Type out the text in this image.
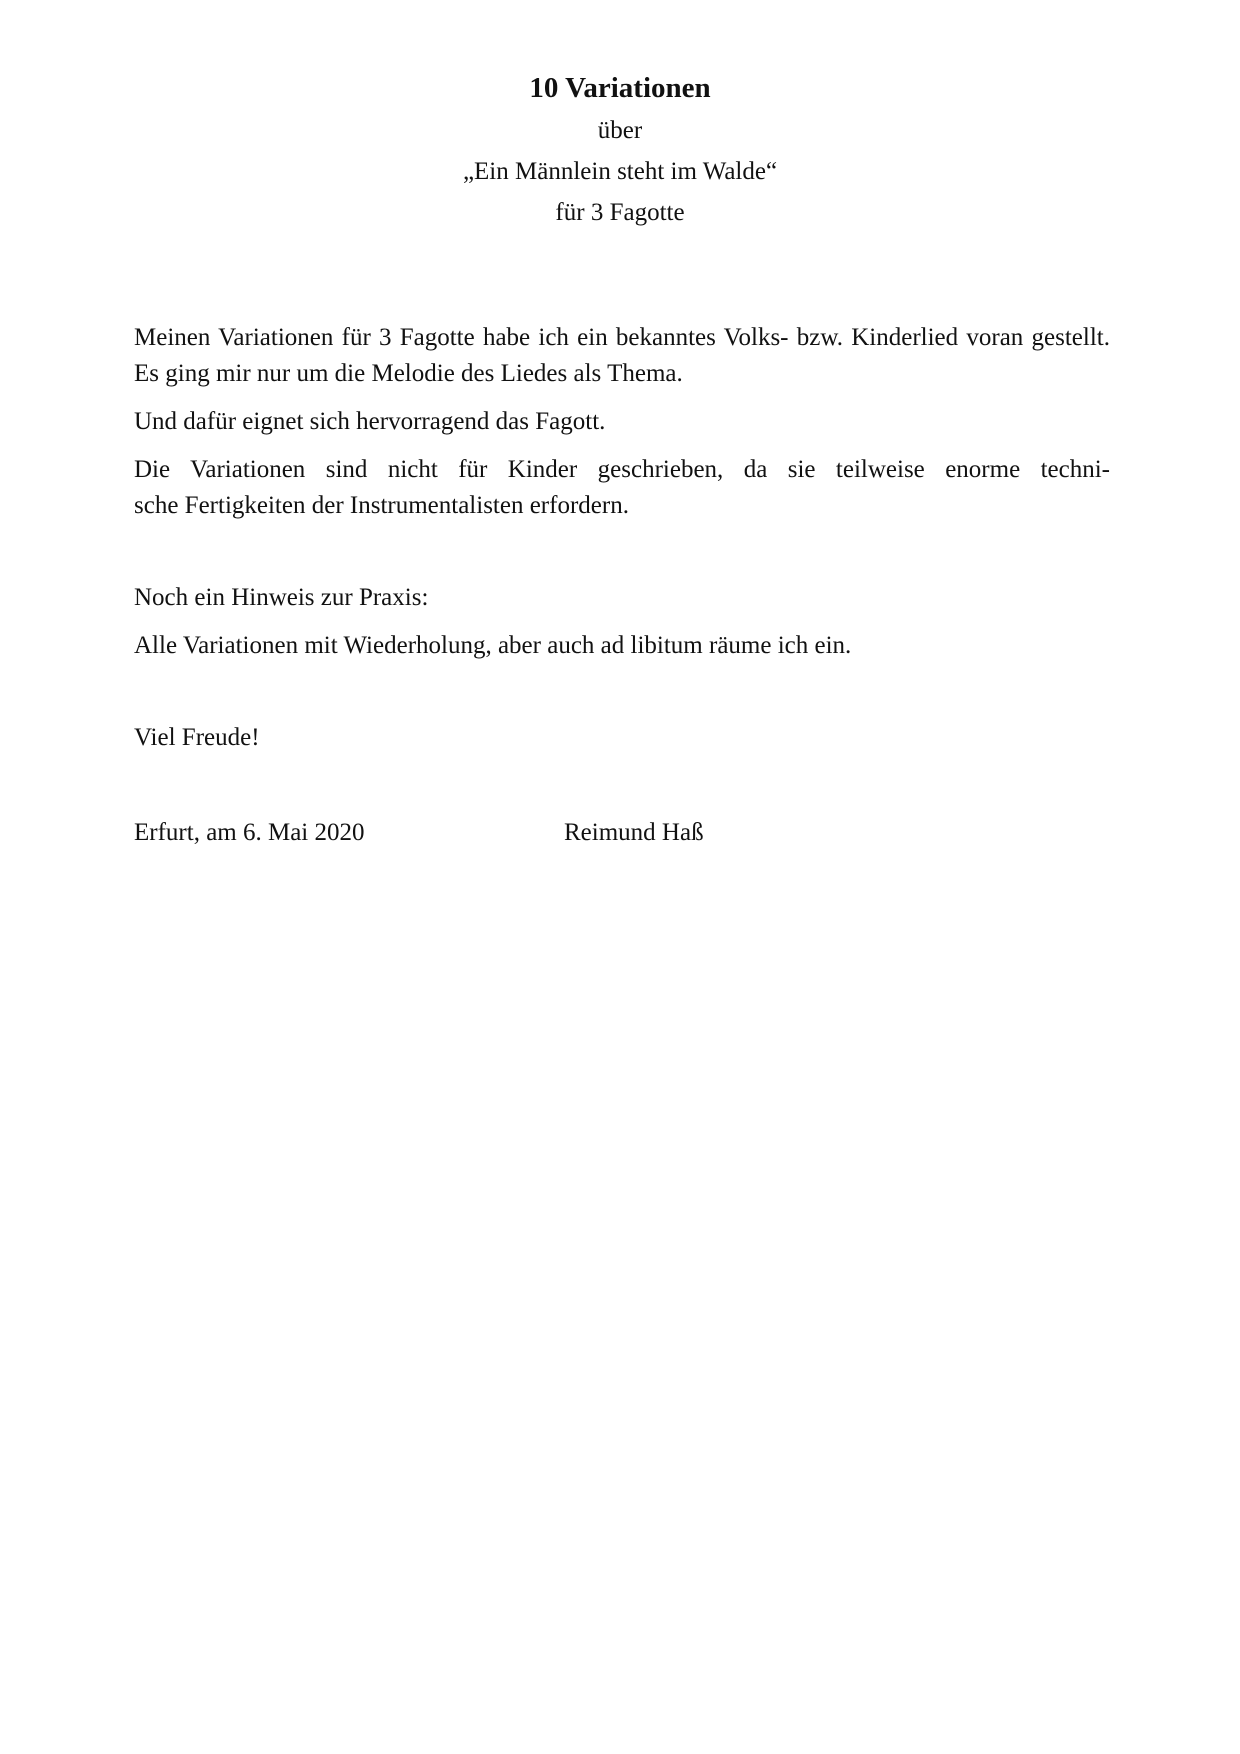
10 Variationen

über

„Ein Männlein steht im Walde“

für 3 Fagotte

Meinen Variationen für 3 Fagotte habe ich ein bekanntes Volks- bzw. Kinderlied voran gestellt. Es ging mir nur um die Melodie des Liedes als Thema.

Und dafür eignet sich hervorragend das Fagott.

Die Variationen sind nicht für Kinder geschrieben, da sie teilweise enorme techni-
sche Fertigkeiten der Instrumentalisten erfordern.

Noch ein Hinweis zur Praxis:

Alle Variationen mit Wiederholung, aber auch ad libitum räume ich ein.

Viel Freude!

Erfurt, am 6. Mai 2020	Reimund Haß
